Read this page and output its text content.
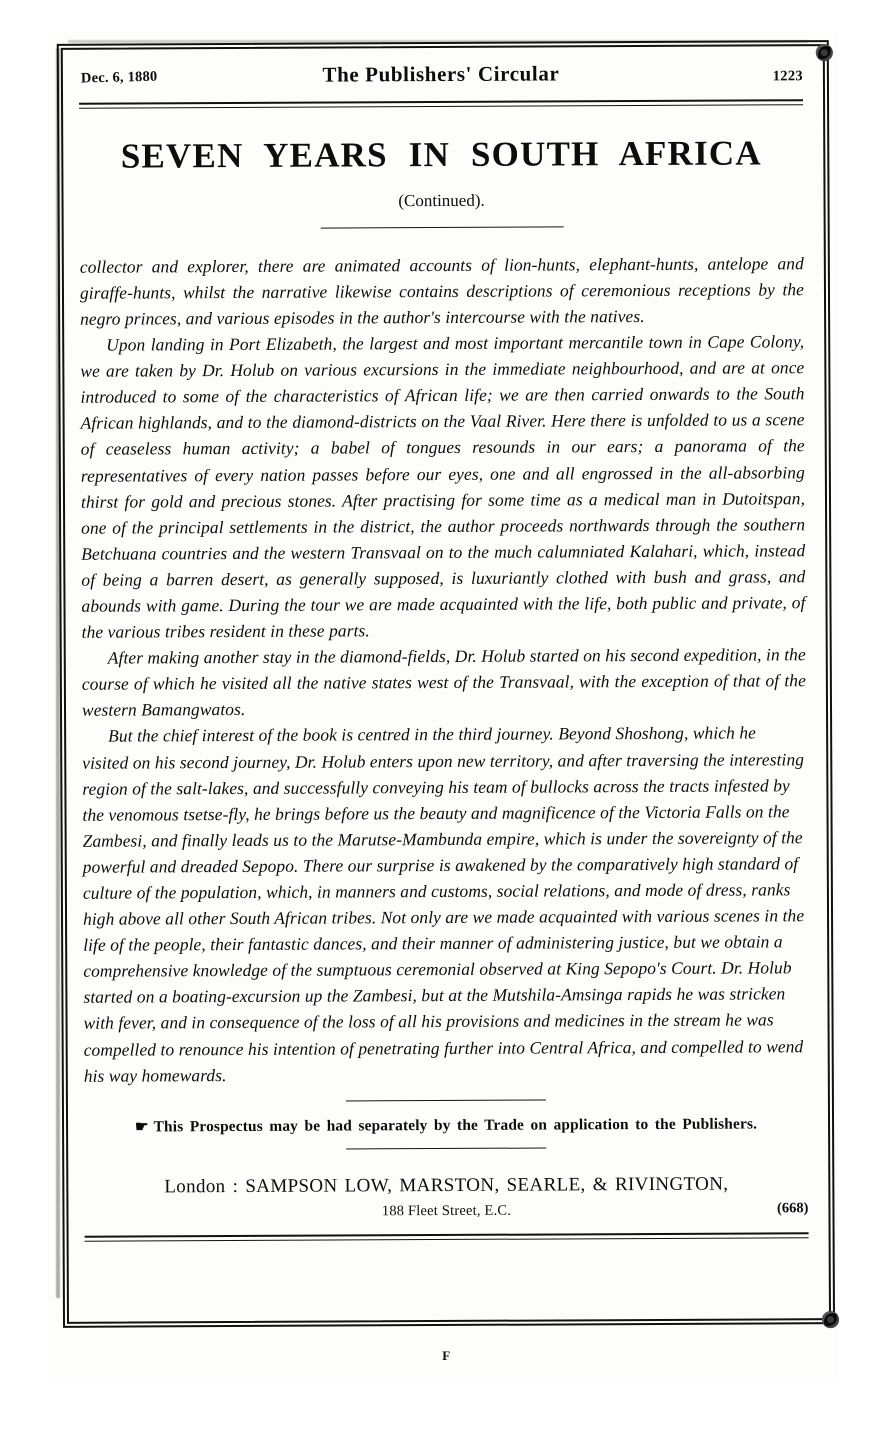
Dec. 6, 1880	The Publishers' Circular	1223
SEVEN YEARS IN SOUTH AFRICA
(Continued).

collector and explorer, there are animated accounts of lion-hunts, elephant-hunts, antelope and giraffe-hunts, whilst the narrative likewise contains descriptions of ceremonious receptions by the negro princes, and various episodes in the author's intercourse with the natives.

Upon landing in Port Elizabeth, the largest and most important mercantile town in Cape Colony, we are taken by Dr. Holub on various excursions in the immediate neighbourhood, and are at once introduced to some of the characteristics of African life; we are then carried onwards to the South African highlands, and to the diamond-districts on the Vaal River. Here there is unfolded to us a scene of ceaseless human activity; a babel of tongues resounds in our ears; a panorama of the representatives of every nation passes before our eyes, one and all engrossed in the all-absorbing thirst for gold and precious stones. After practising for some time as a medical man in Dutoitspan, one of the principal settlements in the district, the author proceeds northwards through the southern Betchuana countries and the western Transvaal on to the much calumniated Kalahari, which, instead of being a barren desert, as generally supposed, is luxuriantly clothed with bush and grass, and abounds with game. During the tour we are made acquainted with the life, both public and private, of the various tribes resident in these parts.

After making another stay in the diamond-fields, Dr. Holub started on his second expedition, in the course of which he visited all the native states west of the Transvaal, with the exception of that of the western Bamangwatos.

But the chief interest of the book is centred in the third journey. Beyond Shoshong, which he visited on his second journey, Dr. Holub enters upon new territory, and after traversing the interesting region of the salt-lakes, and successfully conveying his team of bullocks across the tracts infested by the venomous tsetse-fly, he brings before us the beauty and magnificence of the Victoria Falls on the Zambesi, and finally leads us to the Marutse-Mambunda empire, which is under the sovereignty of the powerful and dreaded Sepopo. There our surprise is awakened by the comparatively high standard of culture of the population, which, in manners and customs, social relations, and mode of dress, ranks high above all other South African tribes. Not only are we made acquainted with various scenes in the life of the people, their fantastic dances, and their manner of administering justice, but we obtain a comprehensive knowledge of the sumptuous ceremonial observed at King Sepopo's Court. Dr. Holub started on a boating-excursion up the Zambesi, but at the Mutshila-Amsinga rapids he was stricken with fever, and in consequence of the loss of all his provisions and medicines in the stream he was compelled to renounce his intention of penetrating further into Central Africa, and compelled to wend his way homewards.

☛ This Prospectus may be had separately by the Trade on application to the Publishers.
London : SAMPSON LOW, MARSTON, SEARLE, & RIVINGTON,
188 Fleet Street, E.C.	(668)
F
